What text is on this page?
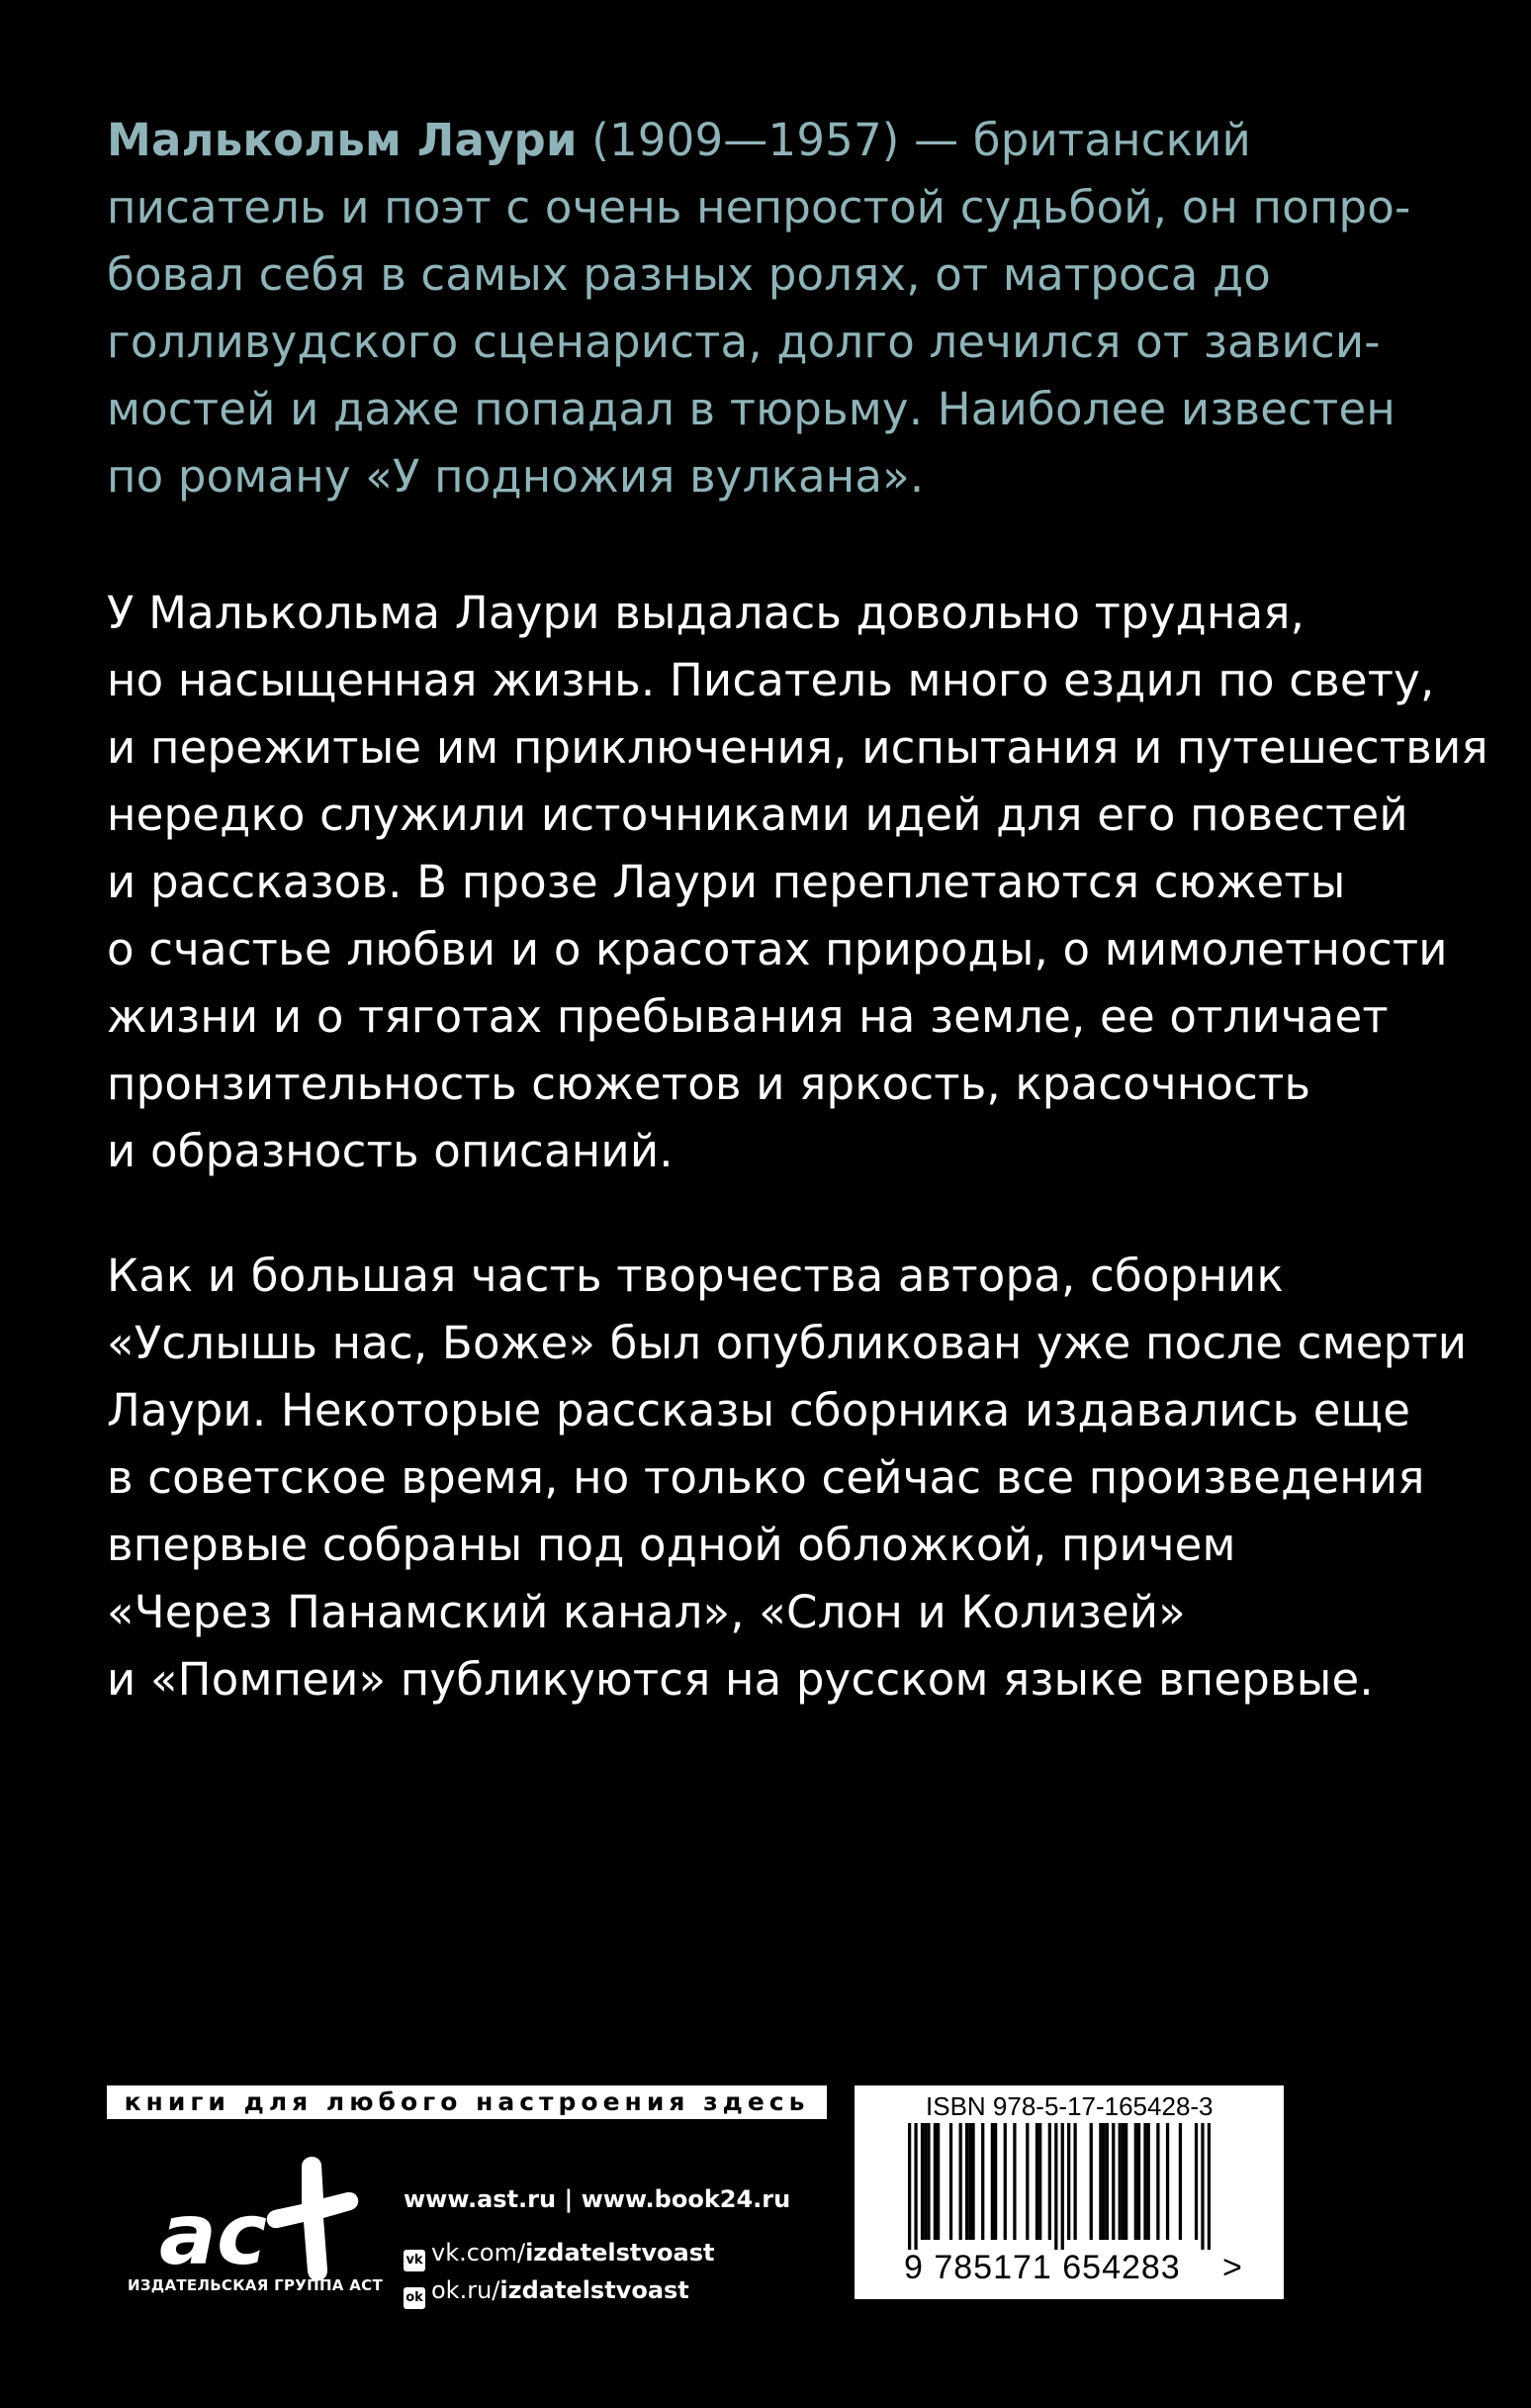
Малькольм Лаури (1909—1957) — британский
писатель и поэт с очень непростой судьбой, он попро-
бовал себя в самых разных ролях, от матроса до
голливудского сценариста, долго лечился от зависи-
мостей и даже попадал в тюрьму. Наиболее известен
по роману «У подножия вулкана».

У Малькольма Лаури выдалась довольно трудная,
но насыщенная жизнь. Писатель много ездил по свету,
и пережитые им приключения, испытания и путешествия
нередко служили источниками идей для его повестей
и рассказов. В прозе Лаури переплетаются сюжеты
о счастье любви и о красотах природы, о мимолетности
жизни и о тяготах пребывания на земле, ее отличает
пронзительность сюжетов и яркость, красочность
и образность описаний.

Как и большая часть творчества автора, сборник
«Услышь нас, Боже» был опубликован уже после смерти
Лаури. Некоторые рассказы сборника издавались еще
в советское время, но только сейчас все произведения
впервые собраны под одной обложкой, причем
«Через Панамский канал», «Слон и Колизей»
и «Помпеи» публикуются на русском языке впервые.

книги для любого настроения здесь
ac
ИЗДАТЕЛЬСКАЯ ГРУППА АСТ
www.ast.ru | www.book24.ru
vk vk.com/izdatelstvoast
ok ok.ru/izdatelstvoast
ISBN 978-5-17-165428-3
9 785171 654283 >
